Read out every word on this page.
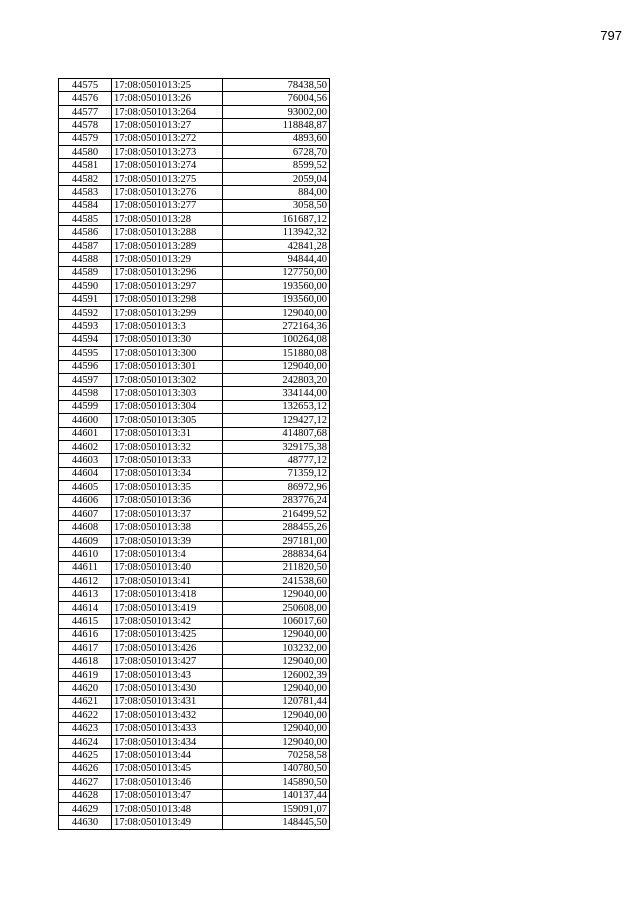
797
44575	17:08:0501013:25	78438,50
44576	17:08:0501013:26	76004,56
44577	17:08:0501013:264	93002,00
44578	17:08:0501013:27	118848,87
44579	17:08:0501013:272	4893,60
44580	17:08:0501013:273	6728,70
44581	17:08:0501013:274	8599,52
44582	17:08:0501013:275	2059,04
44583	17:08:0501013:276	884,00
44584	17:08:0501013:277	3058,50
44585	17:08:0501013:28	161687,12
44586	17:08:0501013:288	113942,32
44587	17:08:0501013:289	42841,28
44588	17:08:0501013:29	94844,40
44589	17:08:0501013:296	127750,00
44590	17:08:0501013:297	193560,00
44591	17:08:0501013:298	193560,00
44592	17:08:0501013:299	129040,00
44593	17:08:0501013:3	272164,36
44594	17:08:0501013:30	100264,08
44595	17:08:0501013:300	151880,08
44596	17:08:0501013:301	129040,00
44597	17:08:0501013:302	242803,20
44598	17:08:0501013:303	334144,00
44599	17:08:0501013:304	132653,12
44600	17:08:0501013:305	129427,12
44601	17:08:0501013:31	414807,68
44602	17:08:0501013:32	329175,38
44603	17:08:0501013:33	48777,12
44604	17:08:0501013:34	71359,12
44605	17:08:0501013:35	86972,96
44606	17:08:0501013:36	283776,24
44607	17:08:0501013:37	216499,52
44608	17:08:0501013:38	288455,26
44609	17:08:0501013:39	297181,00
44610	17:08:0501013:4	288834,64
44611	17:08:0501013:40	211820,50
44612	17:08:0501013:41	241538,60
44613	17:08:0501013:418	129040,00
44614	17:08:0501013:419	250608,00
44615	17:08:0501013:42	106017,60
44616	17:08:0501013:425	129040,00
44617	17:08:0501013:426	103232,00
44618	17:08:0501013:427	129040,00
44619	17:08:0501013:43	126002,39
44620	17:08:0501013:430	129040,00
44621	17:08:0501013:431	120781,44
44622	17:08:0501013:432	129040,00
44623	17:08:0501013:433	129040,00
44624	17:08:0501013:434	129040,00
44625	17:08:0501013:44	70258,58
44626	17:08:0501013:45	140780,50
44627	17:08:0501013:46	145890,50
44628	17:08:0501013:47	140137,44
44629	17:08:0501013:48	159091,07
44630	17:08:0501013:49	148445,50
